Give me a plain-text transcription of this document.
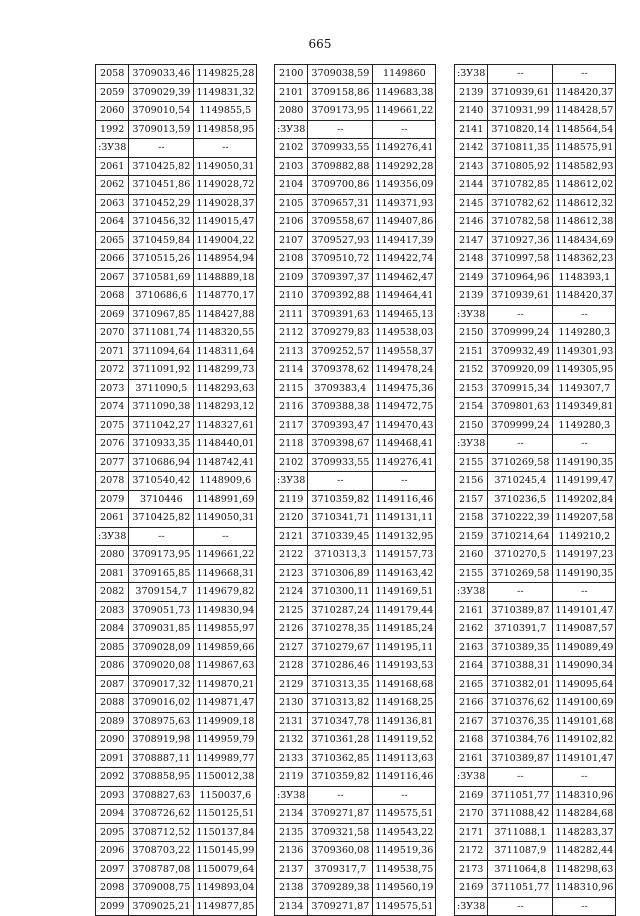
665
2058	3709033,46	1149825,28
2059	3709029,39	1149831,32
2060	3709010,54	1149855,5
1992	3709013,59	1149858,95
:ЗУ38	--	--
2061	3710425,82	1149050,31
2062	3710451,86	1149028,72
2063	3710452,29	1149028,37
2064	3710456,32	1149015,47
2065	3710459,84	1149004,22
2066	3710515,26	1148954,94
2067	3710581,69	1148889,18
2068	3710686,6	1148770,17
2069	3710967,85	1148427,88
2070	3711081,74	1148320,55
2071	3711094,64	1148311,64
2072	3711091,92	1148299,73
2073	3711090,5	1148293,63
2074	3711090,38	1148293,12
2075	3711042,27	1148327,61
2076	3710933,35	1148440,01
2077	3710686,94	1148742,41
2078	3710540,42	1148909,6
2079	3710446	1148991,69
2061	3710425,82	1149050,31
:ЗУ38	--	--
2080	3709173,95	1149661,22
2081	3709165,85	1149668,31
2082	3709154,7	1149679,82
2083	3709051,73	1149830,94
2084	3709031,85	1149855,97
2085	3709028,09	1149859,66
2086	3709020,08	1149867,63
2087	3709017,32	1149870,21
2088	3709016,02	1149871,47
2089	3708975,63	1149909,18
2090	3708919,98	1149959,79
2091	3708887,11	1149989,77
2092	3708858,95	1150012,38
2093	3708827,63	1150037,6
2094	3708726,62	1150125,51
2095	3708712,52	1150137,84
2096	3708703,22	1150145,99
2097	3708787,08	1150079,64
2098	3709008,75	1149893,04
2099	3709025,21	1149877,85
2100	3709038,59	1149860
2101	3709158,86	1149683,38
2080	3709173,95	1149661,22
:ЗУ38	--	--
2102	3709933,55	1149276,41
2103	3709882,88	1149292,28
2104	3709700,86	1149356,09
2105	3709657,31	1149371,93
2106	3709558,67	1149407,86
2107	3709527,93	1149417,39
2108	3709510,72	1149422,74
2109	3709397,37	1149462,47
2110	3709392,88	1149464,41
2111	3709391,63	1149465,13
2112	3709279,83	1149538,03
2113	3709252,57	1149558,37
2114	3709378,62	1149478,24
2115	3709383,4	1149475,36
2116	3709388,38	1149472,75
2117	3709393,47	1149470,43
2118	3709398,67	1149468,41
2102	3709933,55	1149276,41
:ЗУ38	--	--
2119	3710359,82	1149116,46
2120	3710341,71	1149131,11
2121	3710339,45	1149132,95
2122	3710313,3	1149157,73
2123	3710306,89	1149163,42
2124	3710300,11	1149169,51
2125	3710287,24	1149179,44
2126	3710278,35	1149185,24
2127	3710279,67	1149195,11
2128	3710286,46	1149193,53
2129	3710313,35	1149168,68
2130	3710313,82	1149168,25
2131	3710347,78	1149136,81
2132	3710361,28	1149119,52
2133	3710362,85	1149113,63
2119	3710359,82	1149116,46
:ЗУ38	--	--
2134	3709271,87	1149575,51
2135	3709321,58	1149543,22
2136	3709360,08	1149519,36
2137	3709317,7	1149538,75
2138	3709289,38	1149560,19
2134	3709271,87	1149575,51
:ЗУ38	--	--
2139	3710939,61	1148420,37
2140	3710931,99	1148428,57
2141	3710820,14	1148564,54
2142	3710811,35	1148575,91
2143	3710805,92	1148582,93
2144	3710782,85	1148612,02
2145	3710782,62	1148612,32
2146	3710782,58	1148612,38
2147	3710927,36	1148434,69
2148	3710997,58	1148362,23
2149	3710964,96	1148393,1
2139	3710939,61	1148420,37
:ЗУ38	--	--
2150	3709999,24	1149280,3
2151	3709932,49	1149301,93
2152	3709920,09	1149305,95
2153	3709915,34	1149307,7
2154	3709801,63	1149349,81
2150	3709999,24	1149280,3
:ЗУ38	--	--
2155	3710269,58	1149190,35
2156	3710245,4	1149199,47
2157	3710236,5	1149202,84
2158	3710222,39	1149207,58
2159	3710214,64	1149210,2
2160	3710270,5	1149197,23
2155	3710269,58	1149190,35
:ЗУ38	--	--
2161	3710389,87	1149101,47
2162	3710391,7	1149087,57
2163	3710389,35	1149089,49
2164	3710388,31	1149090,34
2165	3710382,01	1149095,64
2166	3710376,62	1149100,69
2167	3710376,35	1149101,68
2168	3710384,76	1149102,82
2161	3710389,87	1149101,47
:ЗУ38	--	--
2169	3711051,77	1148310,96
2170	3711088,42	1148284,68
2171	3711088,1	1148283,37
2172	3711087,9	1148282,44
2173	3711064,8	1148298,63
2169	3711051,77	1148310,96
:ЗУ38	--	--
